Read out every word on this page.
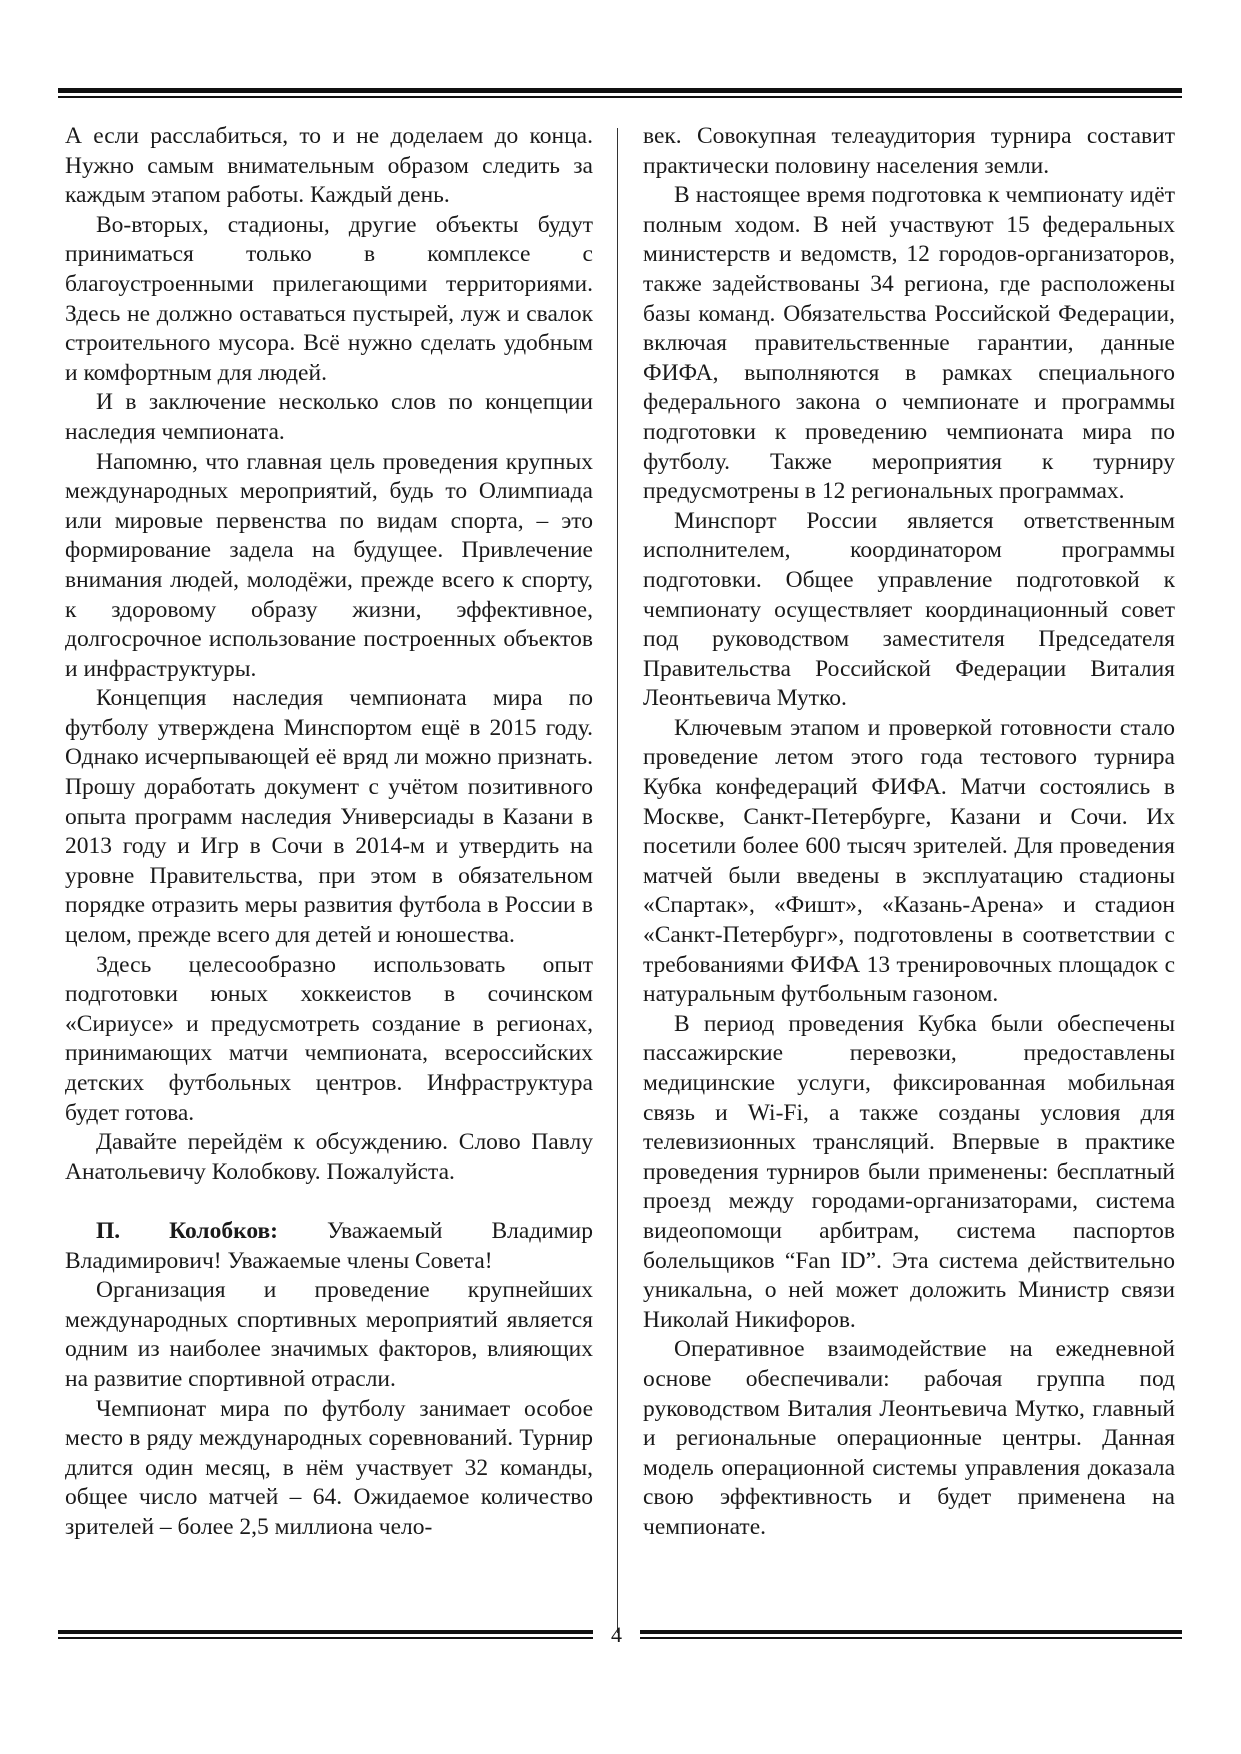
А если расслабиться, то и не доделаем до конца. Нужно самым внимательным образом следить за каждым этапом работы. Каждый день.

Во-вторых, стадионы, другие объекты будут приниматься только в комплексе с благоустроенными прилегающими территориями. Здесь не должно оставаться пустырей, луж и свалок строительного мусора. Всё нужно сделать удобным и комфортным для людей.

И в заключение несколько слов по концепции наследия чемпионата.

Напомню, что главная цель проведения крупных международных мероприятий, будь то Олимпиада или мировые первенства по видам спорта, – это формирование задела на будущее. Привлечение внимания людей, молодёжи, прежде всего к спорту, к здоровому образу жизни, эффективное, долгосрочное использование построенных объектов и инфраструктуры.

Концепция наследия чемпионата мира по футболу утверждена Минспортом ещё в 2015 году. Однако исчерпывающей её вряд ли можно признать. Прошу доработать документ с учётом позитивного опыта программ наследия Универсиады в Казани в 2013 году и Игр в Сочи в 2014-м и утвердить на уровне Правительства, при этом в обязательном порядке отразить меры развития футбола в России в целом, прежде всего для детей и юношества.

Здесь целесообразно использовать опыт подготовки юных хоккеистов в сочинском «Сириусе» и предусмотреть создание в регионах, принимающих матчи чемпионата, всероссийских детских футбольных центров. Инфраструктура будет готова.

Давайте перейдём к обсуждению. Слово Павлу Анатольевичу Колобкову. Пожалуйста.

П. Колобков: Уважаемый Владимир Владимирович! Уважаемые члены Совета!

Организация и проведение крупнейших международных спортивных мероприятий является одним из наиболее значимых факторов, влияющих на развитие спортивной отрасли.

Чемпионат мира по футболу занимает особое место в ряду международных соревнований. Турнир длится один месяц, в нём участвует 32 команды, общее число матчей – 64. Ожидаемое количество зрителей – более 2,5 миллиона чело-

век. Совокупная телеаудитория турнира составит практически половину населения земли.

В настоящее время подготовка к чемпионату идёт полным ходом. В ней участвуют 15 федеральных министерств и ведомств, 12 городов-организаторов, также задействованы 34 региона, где расположены базы команд. Обязательства Российской Федерации, включая правительственные гарантии, данные ФИФА, выполняются в рамках специального федерального закона о чемпионате и программы подготовки к проведению чемпионата мира по футболу. Также мероприятия к турниру предусмотрены в 12 региональных программах.

Минспорт России является ответственным исполнителем, координатором программы подготовки. Общее управление подготовкой к чемпионату осуществляет координационный совет под руководством заместителя Председателя Правительства Российской Федерации Виталия Леонтьевича Мутко.

Ключевым этапом и проверкой готовности стало проведение летом этого года тестового турнира Кубка конфедераций ФИФА. Матчи состоялись в Москве, Санкт-Петербурге, Казани и Сочи. Их посетили более 600 тысяч зрителей. Для проведения матчей были введены в эксплуатацию стадионы «Спартак», «Фишт», «Казань-Арена» и стадион «Санкт-Петербург», подготовлены в соответствии с требованиями ФИФА 13 тренировочных площадок с натуральным футбольным газоном.

В период проведения Кубка были обеспечены пассажирские перевозки, предоставлены медицинские услуги, фиксированная мобильная связь и Wi-Fi, а также созданы условия для телевизионных трансляций. Впервые в практике проведения турниров были применены: бесплатный проезд между городами-организаторами, система видеопомощи арбитрам, система паспортов болельщиков “Fan ID”. Эта система действительно уникальна, о ней может доложить Министр связи Николай Никифоров.

Оперативное взаимодействие на ежедневной основе обеспечивали: рабочая группа под руководством Виталия Леонтьевича Мутко, главный и региональные операционные центры. Данная модель операционной системы управления доказала свою эффективность и будет применена на чемпионате.

4
